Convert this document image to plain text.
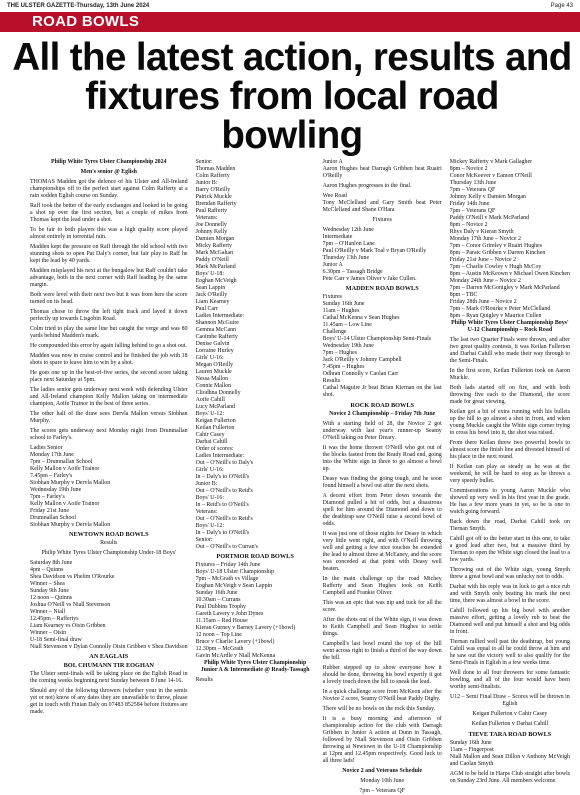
THE ULSTER GAZETTE-Thursday, 13th June 2024	Page 43
ROAD BOWLS
All the latest action, results and fixtures from local road bowling
Philip White Tyres Ulster Championship 2024
Men's senior @ Eglish
THOMAS Madden got the defence of his Ulster and All-Ireland championships off to the perfect start against Colm Rafferty at a rain sodden Eglish course on Sunday.
Raff took the better of the early exchanges and looked to be going a shot up over the first section, but a couple of mikes from Thomas kept the lead under a shot.
To be fair to both players this was a high quality score played almost entirely in torrential rain.
Madden kept the pressure on Raff through the old school with two stunning shots to open Pat Daly's corner, but fair play to Raff he kept the lead by 40 yards.
Madden misplayed his next at the bungalow but Raff couldn't take advantage, both in the next corner with Raff leading by the same margin.
Both were level with their next two but it was from here the score turned on its head.
Thomas chose to throw the left tight track and layed it down perfectly up towards Lisgobin Road.
Colm tried to play the same line but caught the verge and was 80 yards behind Madden's mark.
He compounded this error by again falling behind to go a shot out.
Madden was now in cruise control and he finished the job with 18 shots to spare to leave him to win by a shot.
He goes one up in the best-of-five series, the second score taking place next Saturday at 5pm.
The ladies senior gets underway next week with defending Ulster and All-Ireland champion Kelly Mallon taking on intermediate champion, Aoife Trainor in the best of three series.
The other half of the draw sees Dervla Mallon versus Siobhan Murphy.
The scores gets underway next Monday night from Drumnallan school to Farley's.
Ladies Senior
Monday 17th June
7pm – Drumnallan School
Kelly Mallon v Aoife Trainor
7.45pm – Farley's
Siobhan Murphy v Dervla Mallon
Wednesday 19th June
7pm – Farley's
Kelly Mallon v Aoife Trainor
Friday 21st June
Drumnallan School
Siobhan Murphy v Dervla Mallon
NEWTOWN ROAD BOWLS
Results
Philip White Tyres Ulster Championship Under-18 Boys'
Saturday 8th June
4pm – Quinns
Shea Davidson vs Phelim O'Rourke
Winner – Shea
Sunday 9th June
12 noon – Quinns
Joshua O'Neill vs Niall Stevenson
Winner – Niall
12.45pm – Raffertys
Liam Kearney vs Oisin Gribben
Winner – Oisin
U-18 Semi-final draw
Niall Stevenson v Dylan Connolly Oisin Gribben v Shea Davidson
AN EAGLAIS
BOL CHUMANN TIR EOGHAN
The Ulster semi-finals will be taking place on the Eglish Road in the coming weeks beginning next Sunday between 8 June 14-16.
Should any of the following throwers (whether your in the semis yet or not) know of any dates they are unavailable to throw, please get in touch with Finian Daly on 07483 852584 before fixtures are made.
Senior:
Thomas Madden
Colm Rafferty
Junior B:
Barry O'Reilly
Patrick Muckle
Brendan Rafferty
Paul Rafferty
Veterans:
Joe Donnelly
Johnny Kelly
Damien Morgan
Micky Rafferty
Mark McGahan
Paddy O'Neill
Mark McParland
Boys' U-18:
Eoghan McVeigh
Sean Lappin
Jack O'Reilly
Liam Kearney
Paul Carr
Ladies Intermediate:
Shannon McGuire
Gemma McCann
Caoimhe Rafferty
Denise Galvin
Lorraine Hurley
Girls' U-16:
Megan O'Reilly
Lauren Muckle
Nessa Mallon
Connie Mallon
Cliodhna Donnelly
Aoife Cahill
Lucy McParland
Boys' U-12:
Keigan Fullerton
Keilan Fullerton
Cahir Casey
Darhai Cahill
Order of scores:
Ladies Intermediate:
Out – O'Neill's to Daly's
Girls' U-16:
In – Daly's to O'Neill's
Junior B:
Out – O'Neill's to Reid's
Boys' U-16:
In – Reid's to O'Neill's
Veterans:
Out – O'Neill's to Reid's
Boys' U-12:
In – Daly's to O'Neill's
Senior:
Out – O'Neill's to Curran's
PORTMOR ROAD BOWLS
Fixtures – Friday 14th June
Boys' U-18 Ulster Championship
7pm – McGrath vs Village
Eoghan McVeigh v Sean Lappin
Sunday 16th June
10.30am – Currans
Paul Dubbins Trophy
Gareth Lavery v John Dynes
11.15am – Red House
Kieran Gurney v Barney Lavery (+1bowl)
12 noon – Top Line
Bruce v Charlie Lavery (+1bowl)
12.30pm – McGrath
Gavin McArdle v Niall McKenna
Philip White Tyres Ulster Championship Junior A & Intermediate @ Ready-Tassagh
Results
Junior A
Aaron Hughes beat Darragh Gribben beat Ruairi O'Reilly
Aaron Hughes progresses to the final.
Wee Road
Tony McClelland and Gary Smith beat Peter McClelland and Shane O'Hara
Fixtures
Wednesday 12th June
Intermediate
7pm – O'Hanlon Lane
Paul O'Reilly v Mark Toal v Bryan O'Reilly
Thursday 13th June
Junior A
6.30pm – Tassagh Bridge
Pete Carr v James Oliver v Jake Cullen.
MADDEN ROAD BOWLS
Fixtures
Sunday 16th June
11am – Hughes
Cathal McKenna v Sean Hughes
11.45am – Low Line
Challenge
Boys' U-14 Ulster Championship Semi-Finals
Wednesday 19th June
7pm – Hughes
Jack O'Reilly v Johnny Campbell
7.45pm – Hughes
Odhran Connolly v Caolan Carr
Results
Cathal Maguire Jr beat Brian Kiernan on the last shot.
ROCK ROAD BOWLS
Novice 2 Championship – Friday 7th June
With a starting field of 28, the Novice 2 got underway with last year's runner-up Seamy O'Neill taking on Peter Dreary.
It was the home thrower O'Neill who got out of the blocks fastest from the Ready Road end, going into the White sign in three to go almost a bowl up.
Deasy was finding the going tough, and he soon found himself a bowl out after the next shots.
A decent effort from Peter down towards the Diamond pulled a bit of odds, but a disastrous spell for him around the Diamond and down to the deathtrap saw O'Neill raise a second bowl of odds.
It was just one of those nights for Deasy in which very little went right, and with O'Neill throwing well and getting a few nice touches he extended the lead to almost three at McEaney, and the score was conceded at that point with Deasy well beaten.
In the main challenge up the road Michey Rafferty and Sean Hughes took on Keith Campbell and Frankie Oliver.
This was an epic that was nip and tuck for all the score.
After the shots out of the White sign, it was down to Keith Campbell and Sean Hughes to settle things.
Campbell's last bowl round the top of the hill went across right to finish a third of the way down the hill.
Rubber stepped up to show everyone how it should be done, throwing his bowl expertly it got a lovely touch down the hill to sneak the lead.
In a quick challenge score from McKeon after the Novice 2 score, Seamy O'Neill beat Paddy Digby.
There will be no bowls on the rock this Sunday.
It is a busy morning and afternoon of championship action for the club with Darragh Gribben in Junior A action at Dunn in Tassagh, followed by Niall Stevenson and Oisin Gribben throwing at Newtown in the U-18 Championship at 12pm and 12.45pm respectively. Good luck to all three lads!
Novice 2 and Veterans Schedule
Monday 10th June
7pm – Veterans QF
Mickey Rafferty v Mark Gallagher
8pm – Novice 2
Conor McKeever v Eamon O'Neill
Thursday 13th June
7pm – Veterans QF
Johnny Kelly v Damien Morgan
Friday 14th June
7pm – Veterans QF
Paddy O'Neill v Mark McParland
8pm – Novice 2
Rhys Daly v Kieran Smyth
Monday 17th June – Novice 2
7pm – Conor Grimley v Ruairi Hughes
8pm – Paraic Gribben v Darren Kinchen
Friday 21st June – Novice 2
7pm – Charlie Cowley v Hugh McCoy
8pm – Austin McKeown v Michael Owen Kinchen
Monday 24th June – Novice 2
7pm – Darren McGonigley v Mark McParland
8pm – TBC
Friday 28th June – Novice 2
7pm – Mark O'Rourke v Peter McClelland
8pm – Ryan Quigley v Maurice Cullen
Philip White Tyres Ulster Championship Boys' U-12 Championship – Rock Road
The last two Quarter Finals were thrown, and after two great quality contests, it was Keilan Fullerton and Darhai Cahill who made their way through to the Semi-Finals.
In the first score, Keilan Fullerton took on Aaron Muckle.
Both lads started off on fire, and with both throwing five each to the Diamond, the score made for great viewing.
Keilan got a bit of extra running with his bullets up the hill to go almost a shot in front, and when young Muckle caught the White sign corner trying to cross his bowl into it, the shot was raised.
From there Keilan threw two powerful bowls to almost score the finish line and divested himself of his place in the next round.
If Keilan can play as steady as he was at the weekend, he will be hard to stop as he throws a very speedy bullet.
Commiserations to young Aaron Muckle who showed up very well in his first year in the grade. He has a few more years in yet, so he is one to watch going forward.
Back down the road, Darhai Cahill took on Tiernan Smyth.
Cahill got off to the better start in this one, to take a good lead after two, but a massive third by Tiernan to open the White sign closed the lead to a few yards.
Throwing out of the White sign, young Smyth threw a great bowl and was unlucky not to odds.
Darhai with his reply was in luck to get a nice rub and with Smyth only beating his mark the next time, there was almost a bowl in the score.
Cahill followed up his big bowl with another massive effort, getting a lovely rub to beat the Diamond well and put himself a shot and big odds in front.
Tiernan rallied well past the deathtrap, but young Cahill was equal to all he could throw at him and he saw out the victory well to also qualify for the Semi-Finals in Eglish in a few weeks time.
Well done to all four throwers for some fantastic bowling, and all of the four would have been worthy semi-finalists.
U12 – Semi Final Draw – Scores will be thrown in Eglish
Keigan Fullerton v Cahir Casey
Keilan Fullerton v Darhai Cahill
TIEVE TARA ROAD BOWLS
Sunday 16th June
11am – Fingerpost
Niall Mallon and Sean Dillon v Anthony McVeigh and Caolan Smyth
AGM to be held in Harps Club straight after bowls on Sunday 23rd June. All members welcome.
